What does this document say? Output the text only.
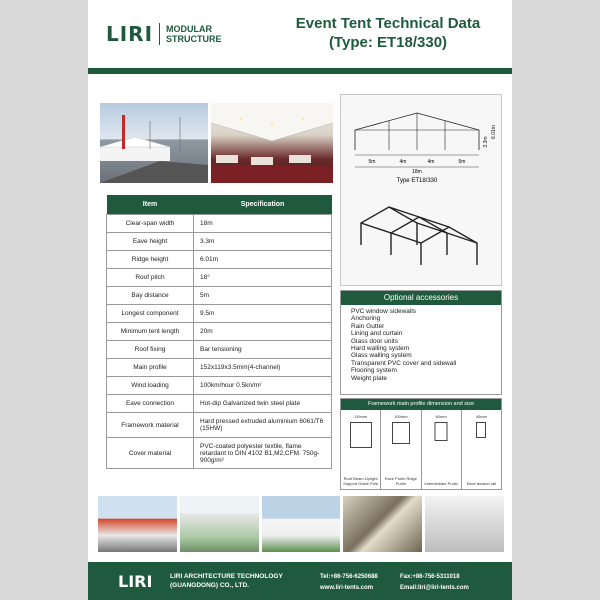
LIRI MODULAR
STRUCTURE
Event Tent Technical Data
(Type: ET18/330)
5m	4m	4m	5m
18m
3.3m
6.01m
Type ET18/330
Item	Specification
Clear-span width	18m
Eave height	3.3m
Ridge height	6.01m
Roof pitch	18°
Bay distance	5m
Longest component	9.5m
Minimum tent length	20m
Roof fixing	Bar tensioning
Main profile	152x119x3.5mm(4-channel)
Wind loading	100km/hour 0.5kn/m²
Eave connection	Hot-dip Galvanized twin steel plate
Framework material	Hard pressed extruded aluminium 6061/T6 (15HW)
Cover material	PVC-coated polyester textile, flame retardant to DIN 4102 B1,M2,CFM. 750g-900g/m²
Optional accessories
PVC window sidewalls
Anchoring
Rain Gutter
Lining and curtain
Glass door units
Hard walling system
Glass walling system
Transparent PVC cover and sidewall
Flooring system
Weight plate
Framework main profile dimension and size
119mm
Roof Beam Upright Support Gable Pole
100mm
Eave Purlin Ridge Purlin
60mm
Intermediate Purlin
40mm
Eave tension rail
LIRI	LIRI ARCHITECTURE TECHNOLOGY
(GUANGDONG) CO., LTD.
Tel:+86-756-6250688
www.liri-tents.com
Fax:+86-756-5311018
Email:liri@liri-tents.com
